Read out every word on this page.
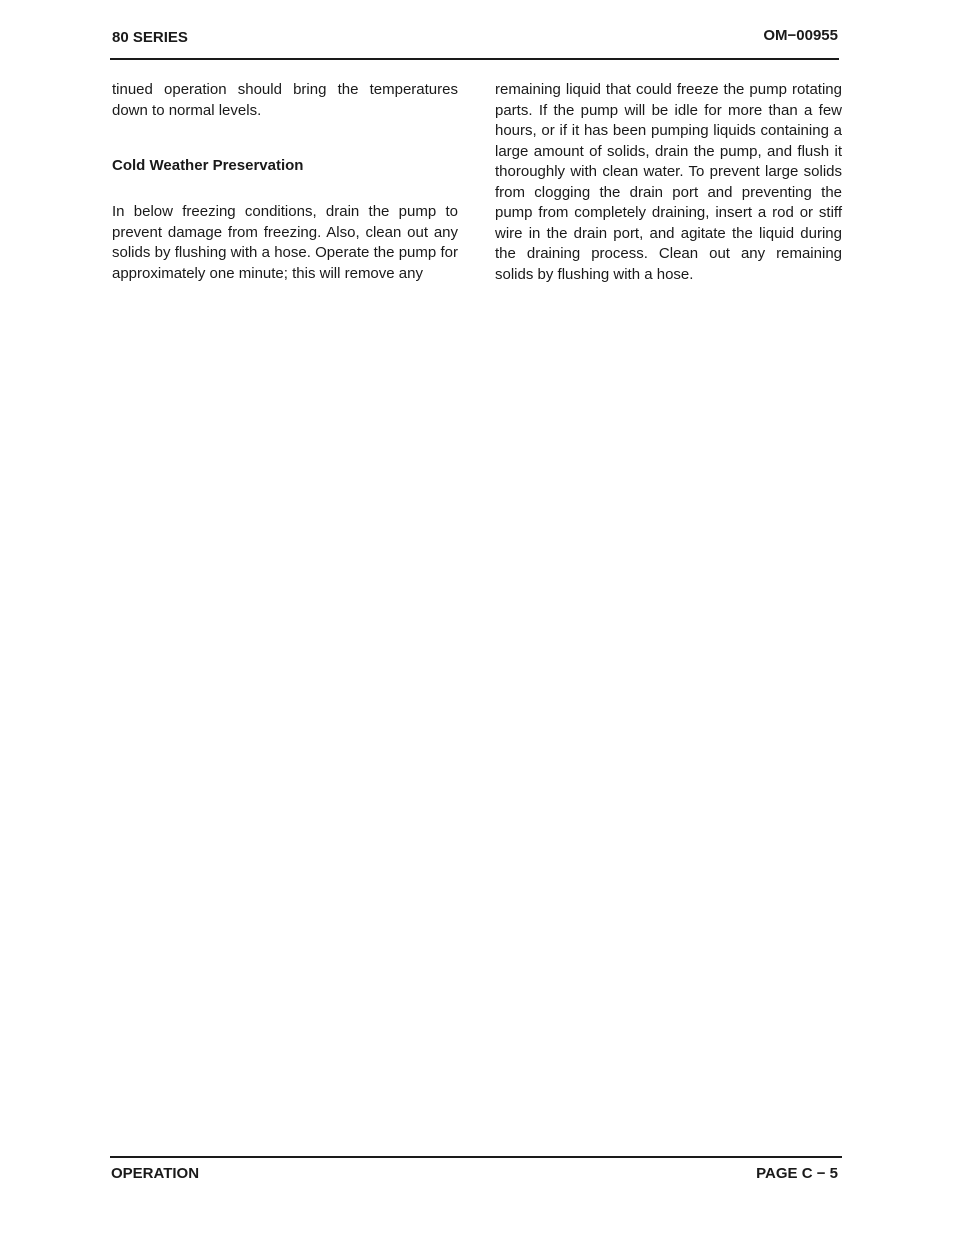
80 SERIES	OM−00955

tinued operation should bring the temperatures down to normal levels.

Cold Weather Preservation

In below freezing conditions, drain the pump to prevent damage from freezing. Also, clean out any solids by flushing with a hose. Operate the pump for approximately one minute; this will remove any

remaining liquid that could freeze the pump rotating parts. If the pump will be idle for more than a few hours, or if it has been pumping liquids containing a large amount of solids, drain the pump, and flush it thoroughly with clean water. To prevent large solids from clogging the drain port and preventing the pump from completely draining, insert a rod or stiff wire in the drain port, and agitate the liquid during the draining process. Clean out any remaining solids by flushing with a hose.

OPERATION	PAGE C − 5
